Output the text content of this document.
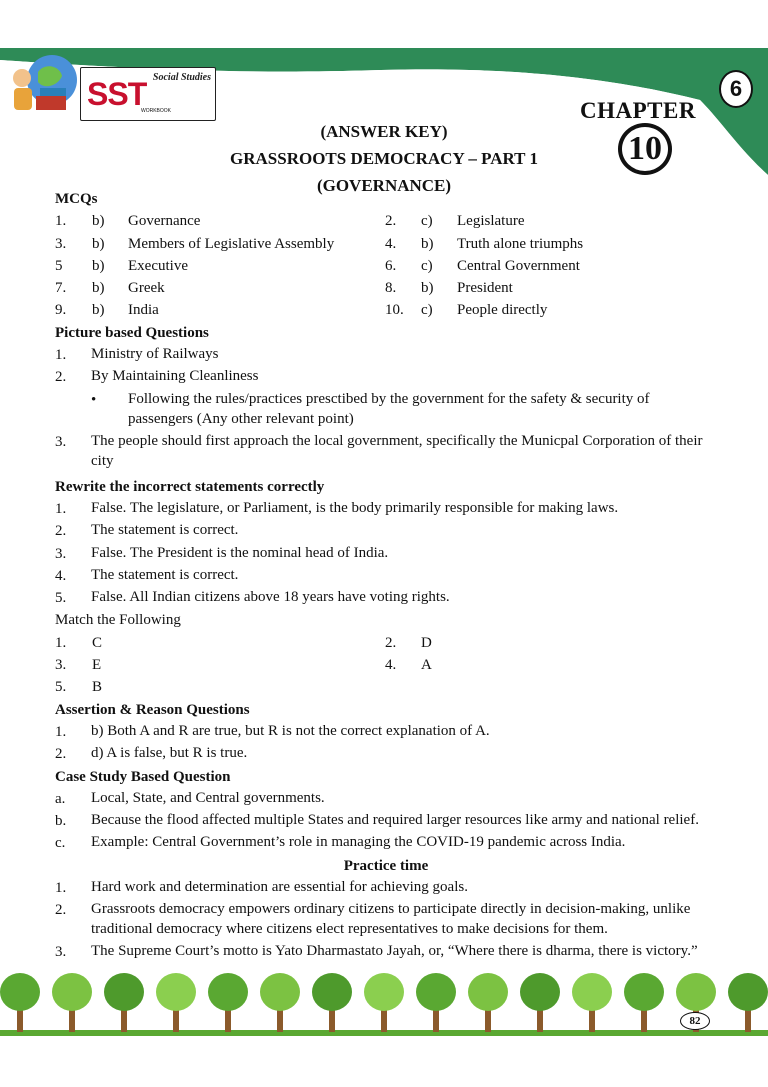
Social Studies
SST
WORKBOOK
6
CHAPTER
10
(ANSWER KEY)
GRASSROOTS DEMOCRACY – PART 1
(GOVERNANCE)
MCQs
1. b) Governance	2. c) Legislature
3. b) Members of Legislative Assembly	4. b) Truth alone triumphs
5 b) Executive	6. c) Central Government
7. b) Greek	8. b) President
9. b) India	10. c) People directly
Picture based Questions
1. Ministry of Railways
2. By Maintaining Cleanliness
• Following the rules/practices presctibed by the government for the safety & security of passengers (Any other relevant point)
3. The people should first approach the local government, specifically the Municpal Corporation of their city
Rewrite the incorrect statements correctly
1. False. The legislature, or Parliament, is the body primarily responsible for making laws.
2. The statement is correct.
3. False. The President is the nominal head of India.
4. The statement is correct.
5. False. All Indian citizens above 18 years have voting rights.
Match the Following
1. C	2. D
3. E	4. A
5. B
Assertion & Reason Questions
1. b) Both A and R are true, but R is not the correct explanation of A.
2. d) A is false, but R is true.
Case Study Based Question
a. Local, State, and Central governments.
b. Because the flood affected multiple States and required larger resources like army and national relief.
c. Example: Central Government’s role in managing the COVID-19 pandemic across India.
Practice time
1. Hard work and determination are essential for achieving goals.
2. Grassroots democracy empowers ordinary citizens to participate directly in decision-making, unlike traditional democracy where citizens elect representatives to make decisions for them.
3. The Supreme Court’s motto is Yato Dharmastato Jayah, or, “Where there is dharma, there is victory.”
82
